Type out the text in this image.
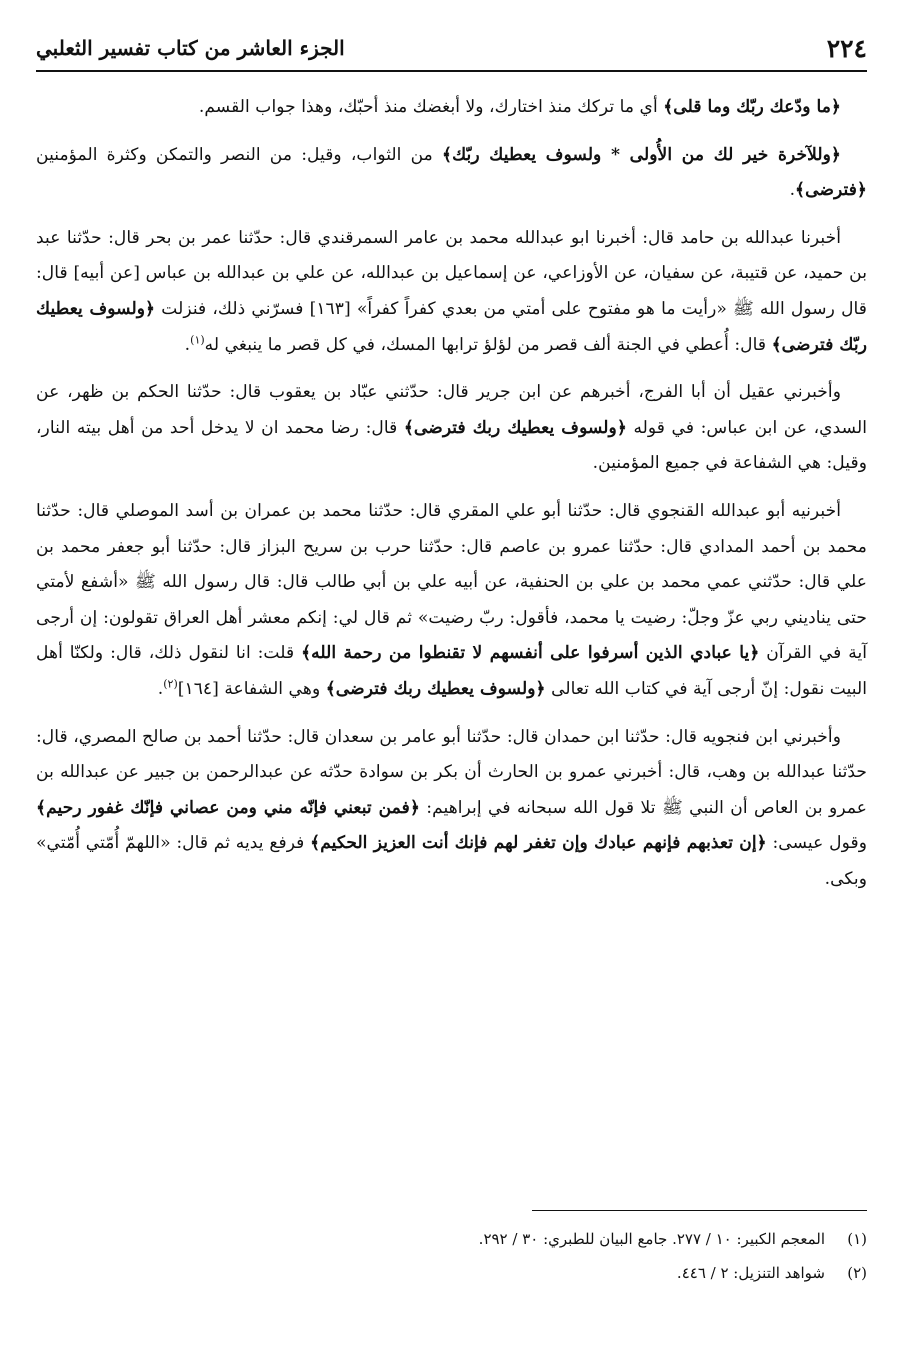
٢٢٤
الجزء العاشر من كتاب تفسير الثعلبي

﴿ما ودّعك ربّك وما قلى﴾ أي ما تركك منذ اختارك، ولا أبغضك منذ أحبّك، وهذا جواب القسم.

﴿وللآخرة خير لك من الأُولى * ولسوف يعطيك ربّك﴾ من الثواب، وقيل: من النصر والتمكن وكثرة المؤمنين ﴿فترضى﴾.

أخبرنا عبدالله بن حامد قال: أخبرنا ابو عبدالله محمد بن عامر السمرقندي قال: حدّثنا عمر بن بحر قال: حدّثنا عبد بن حميد، عن قتيبة، عن سفيان، عن الأوزاعي، عن إسماعيل بن عبدالله، عن علي بن عبدالله بن عباس [عن أبيه] قال: قال رسول الله ﷺ «رأيت ما هو مفتوح على أمتي من بعدي كفراً كفراً» [١٦٣] فسرّني ذلك، فنزلت ﴿ولسوف يعطيك ربّك فترضى﴾ قال: أُعطي في الجنة ألف قصر من لؤلؤ ترابها المسك، في كل قصر ما ينبغي له$^{(١)}$.

وأخبرني عقيل أن أبا الفرج، أخبرهم عن ابن جرير قال: حدّثني عبّاد بن يعقوب قال: حدّثنا الحكم بن ظهر، عن السدي، عن ابن عباس: في قوله ﴿ولسوف يعطيك ربك فترضى﴾ قال: رضا محمد ان لا يدخل أحد من أهل بيته النار، وقيل: هي الشفاعة في جميع المؤمنين.

أخبرنيه أبو عبدالله القنجوي قال: حدّثنا أبو علي المقري قال: حدّثنا محمد بن عمران بن أسد الموصلي قال: حدّثنا محمد بن أحمد المدادي قال: حدّثنا عمرو بن عاصم قال: حدّثنا حرب بن سريح البزاز قال: حدّثنا أبو جعفر محمد بن علي قال: حدّثني عمي محمد بن علي بن الحنفية، عن أبيه علي بن أبي طالب قال: قال رسول الله ﷺ «أشفع لأمتي حتى يناديني ربي عزّ وجلّ: رضيت يا محمد، فأقول: ربّ رضيت» ثم قال لي: إنكم معشر أهل العراق تقولون: إن أرجى آية في القرآن ﴿يا عبادي الذين أسرفوا على أنفسهم لا تقنطوا من رحمة الله﴾ قلت: انا لنقول ذلك، قال: ولكنّا أهل البيت نقول: إنّ أرجى آية في كتاب الله تعالى ﴿ولسوف يعطيك ربك فترضى﴾ وهي الشفاعة [١٦٤]$^{(٢)}$.

وأخبرني ابن فنجويه قال: حدّثنا ابن حمدان قال: حدّثنا أبو عامر بن سعدان قال: حدّثنا أحمد بن صالح المصري، قال: حدّثنا عبدالله بن وهب، قال: أخبرني عمرو بن الحارث أن بكر بن سوادة حدّثه عن عبدالرحمن بن جبير عن عبدالله بن عمرو بن العاص أن النبي ﷺ تلا قول الله سبحانه في إبراهيم: ﴿فمن تبعني فإنّه مني ومن عصاني فإنّك غفور رحيم﴾ وقول عيسى: ﴿إن تعذبهم فإنهم عبادك وإن تغفر لهم فإنك أنت العزيز الحكيم﴾ فرفع يديه ثم قال: «اللهمّ أُمّتي أُمّتي» وبكى.

(١)
المعجم الكبير: ١٠ / ٢٧٧. جامع البيان للطبري: ٣٠ / ٢٩٢.
(٢)
شواهد التنزيل: ٢ / ٤٤٦.
